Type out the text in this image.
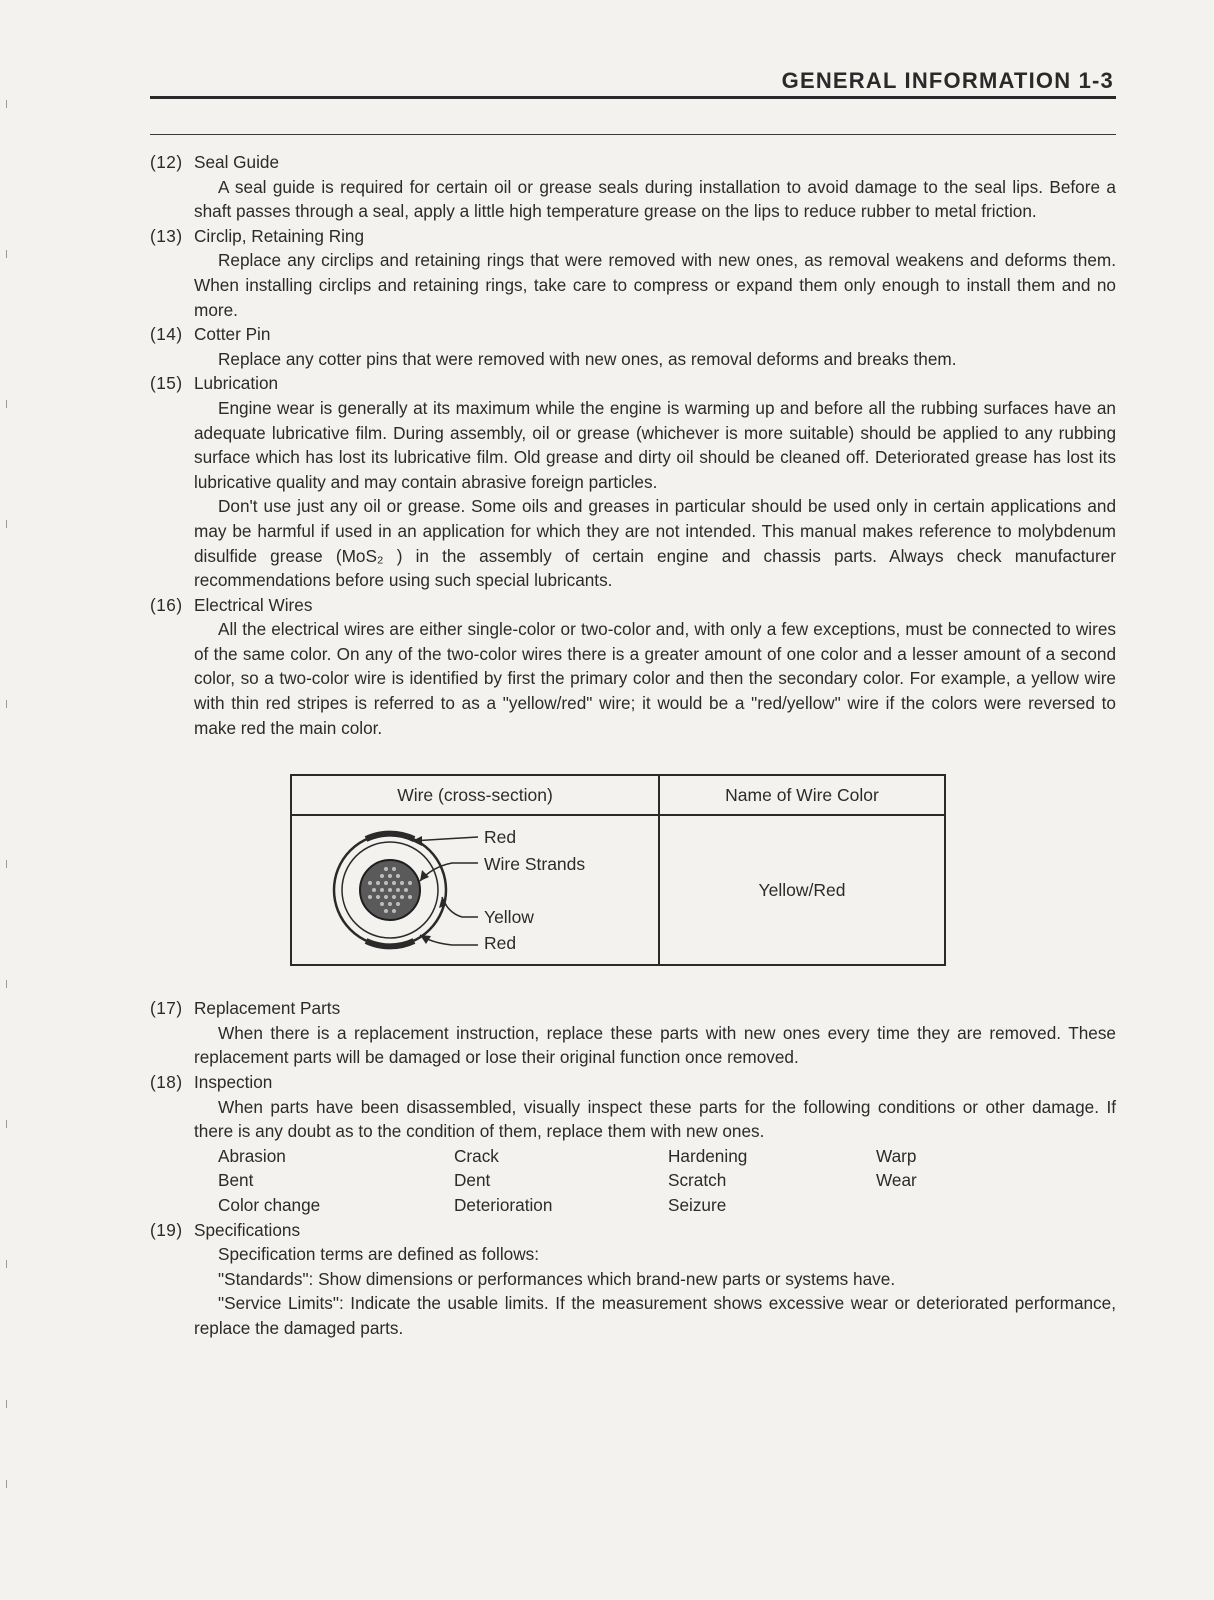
GENERAL INFORMATION 1-3

(12) Seal Guide

A seal guide is required for certain oil or grease seals during installation to avoid damage to the seal lips. Before a shaft passes through a seal, apply a little high temperature grease on the lips to reduce rubber to metal friction.

(13) Circlip, Retaining Ring

Replace any circlips and retaining rings that were removed with new ones, as removal weakens and deforms them. When installing circlips and retaining rings, take care to compress or expand them only enough to install them and no more.

(14) Cotter Pin

Replace any cotter pins that were removed with new ones, as removal deforms and breaks them.

(15) Lubrication

Engine wear is generally at its maximum while the engine is warming up and before all the rubbing surfaces have an adequate lubricative film. During assembly, oil or grease (whichever is more suitable) should be applied to any rubbing surface which has lost its lubricative film. Old grease and dirty oil should be cleaned off. Deteriorated grease has lost its lubricative quality and may contain abrasive foreign particles.

Don't use just any oil or grease. Some oils and greases in particular should be used only in certain applications and may be harmful if used in an application for which they are not intended. This manual makes reference to molybdenum disulfide grease (MoS₂ ) in the assembly of certain engine and chassis parts. Always check manufacturer recommendations before using such special lubricants.

(16) Electrical Wires

All the electrical wires are either single-color or two-color and, with only a few exceptions, must be connected to wires of the same color. On any of the two-color wires there is a greater amount of one color and a lesser amount of a second color, so a two-color wire is identified by first the primary color and then the secondary color. For example, a yellow wire with thin red stripes is referred to as a "yellow/red" wire; it would be a "red/yellow" wire if the colors were reversed to make red the main color.

Wire (cross-section)	Name of Wire Color

Red
Wire Strands
Yellow
Red	Yellow/Red

(17) Replacement Parts

When there is a replacement instruction, replace these parts with new ones every time they are removed. These replacement parts will be damaged or lose their original function once removed.

(18) Inspection

When parts have been disassembled, visually inspect these parts for the following conditions or other damage. If there is any doubt as to the condition of them, replace them with new ones.

Abrasion	Crack	Hardening	Warp
Bent	Dent	Scratch	Wear
Color change	Deterioration	Seizure

(19) Specifications

Specification terms are defined as follows:

"Standards": Show dimensions or performances which brand-new parts or systems have.

"Service Limits": Indicate the usable limits. If the measurement shows excessive wear or deteriorated performance, replace the damaged parts.
